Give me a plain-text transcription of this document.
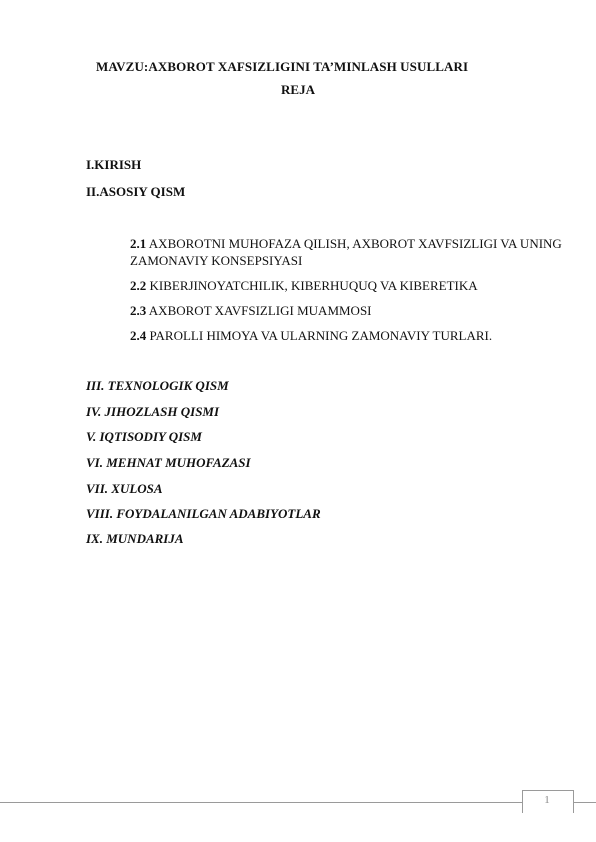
MAVZU:AXBOROT XAFSIZLIGINI TA’MINLASH USULLARI
REJA
I.KIRISH
II.ASOSIY QISM
2.1 AXBOROTNI MUHOFAZA QILISH, AXBOROT XAVFSIZLIGI VA UNING ZAMONAVIY KONSEPSIYASI
2.2 KIBERJINOYATCHILIK, KIBERHUQUQ VA KIBERETIKA
2.3 AXBOROT XAVFSIZLIGI MUAMMOSI
2.4 PAROLLI HIMOYA VA ULARNING ZAMONAVIY TURLARI.
III. TEXNOLOGIK QISM
IV. JIHOZLASH QISMI
V. IQTISODIY QISM
VI. MEHNAT MUHOFAZASI
VII. XULOSA
VIII. FOYDALANILGAN ADABIYOTLAR
IX. MUNDARIJA
1
